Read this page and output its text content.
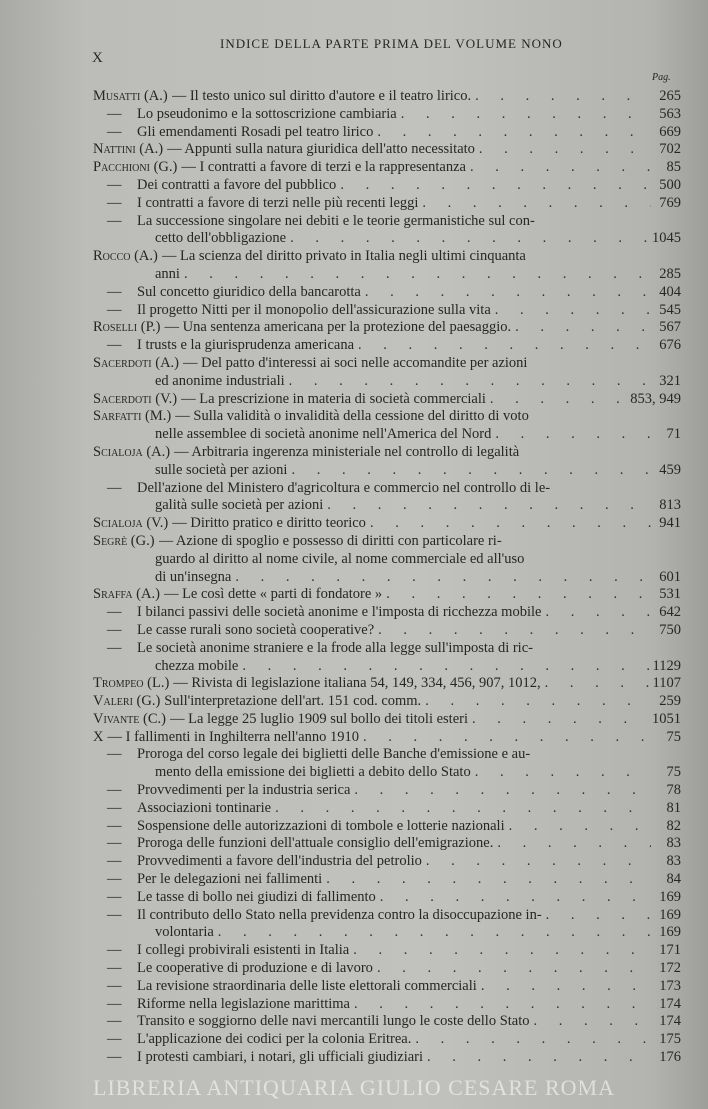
X
INDICE DELLA PARTE PRIMA DEL VOLUME NONO
Pag.
Musatti (A.) — Il testo unico sul diritto d'autore e il teatro lirico. . . .	265
—	Lo pseudonimo e la sottoscrizione cambiaria . . .	563
—	Gli emendamenti Rosadi pel teatro lirico . . .	669
Nattini (A.) — Appunti sulla natura giuridica dell'atto necessitato . . .	702
Pacchioni (G.) — I contratti a favore di terzi e la rappresentanza . . .	85
—	Dei contratti a favore del pubblico . . .	500
—	I contratti a favore di terzi nelle più recenti leggi . . .	769
—	La successione singolare nei debiti e le teorie germanistiche sul con-
cetto dell'obbligazione . . .	1045
Rocco (A.) — La scienza del diritto privato in Italia negli ultimi cinquanta
anni . . .	285
—	Sul concetto giuridico della bancarotta . . .	404
—	Il progetto Nitti per il monopolio dell'assicurazione sulla vita . . .	545
Roselli (P.) — Una sentenza americana per la protezione del paesaggio. . . .	567
—	I trusts e la giurisprudenza americana . . .	676
Sacerdoti (A.) — Del patto d'interessi ai soci nelle accomandite per azioni
ed anonime industriali . . .	321
Sacerdoti (V.) — La prescrizione in materia di società commerciali . . .	853, 949
Sarfatti (M.) — Sulla validità o invalidità della cessione del diritto di voto
nelle assemblee di società anonime nell'America del Nord . . .	71
Scialoja (A.) — Arbitraria ingerenza ministeriale nel controllo di legalità
sulle società per azioni . . .	459
—	Dell'azione del Ministero d'agricoltura e commercio nel controllo di le-
galità sulle società per azioni . . .	813
Scialoja (V.) — Diritto pratico e diritto teorico . . .	941
Segrè (G.) — Azione di spoglio e possesso di diritti con particolare ri-
guardo al diritto al nome civile, al nome commerciale ed all'uso
di un'insegna . . .	601
Sraffa (A.) — Le così dette « parti di fondatore » . . .	531
—	I bilanci passivi delle società anonime e l'imposta di ricchezza mobile . . .	642
—	Le casse rurali sono società cooperative? . . .	750
—	Le società anonime straniere e la frode alla legge sull'imposta di ric-
chezza mobile . . .	1129
Trompeo (L.) — Rivista di legislazione italiana 54, 149, 334, 456, 907, 1012, . . .	1107
Valeri (G.) Sull'interpretazione dell'art. 151 cod. comm. . . .	259
Vivante (C.) — La legge 25 luglio 1909 sul bollo dei titoli esteri . . .	1051
X — I fallimenti in Inghilterra nell'anno 1910 . . .	75
—	Proroga del corso legale dei biglietti delle Banche d'emissione e au-
mento della emissione dei biglietti a debito dello Stato . . .	75
—	Provvedimenti per la industria serica . . .	78
—	Associazioni tontinarie . . .	81
—	Sospensione delle autorizzazioni di tombole e lotterie nazionali . . .	82
—	Proroga delle funzioni dell'attuale consiglio dell'emigrazione. . . .	83
—	Provvedimenti a favore dell'industria del petrolio . . .	83
—	Per le delegazioni nei fallimenti . . .	84
—	Le tasse di bollo nei giudizi di fallimento . . .	169
—	Il contributo dello Stato nella previdenza contro la disoccupazione in- . . .	169
volontaria . . .	169
—	I collegi probivirali esistenti in Italia . . .	171
—	Le cooperative di produzione e di lavoro . . .	172
—	La revisione straordinaria delle liste elettorali commerciali . . .	173
—	Riforme nella legislazione marittima . . .	174
—	Transito e soggiorno delle navi mercantili lungo le coste dello Stato . . .	174
—	L'applicazione dei codici per la colonia Eritrea. . . .	175
—	I protesti cambiari, i notari, gli ufficiali giudiziari . . .	176
LIBRERIA ANTIQUARIA GIULIO CESARE ROMA
